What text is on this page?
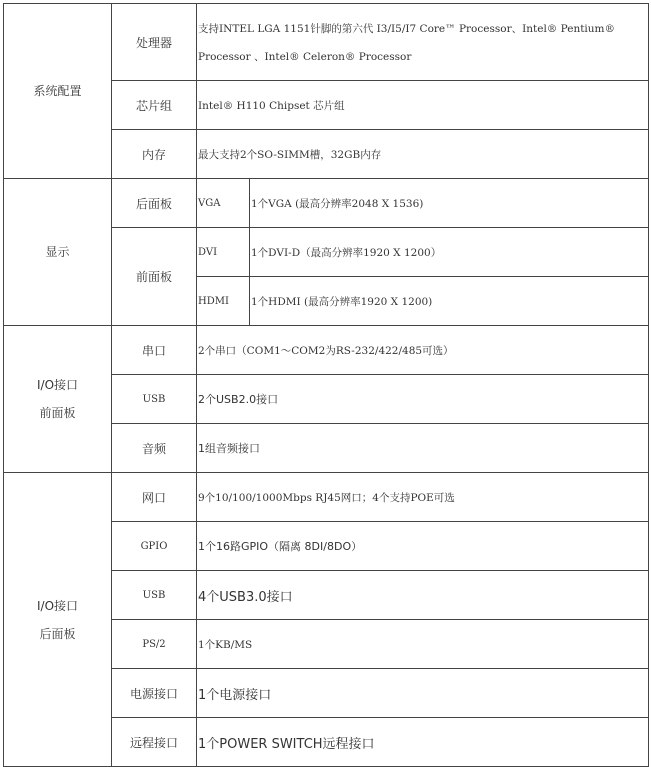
系统配置	处理器	支持INTEL LGA 1151针脚的第六代 I3/I5/I7 Core™ Processor、Intel® Pentium® Processor 、Intel® Celeron® Processor	
	芯片组	Intel® H110 Chipset 芯片组	
	内存	最大支持2个SO-SIMM槽，32GB内存	
显示	后面板	VGA	1个VGA (最高分辨率2048 X 1536)
	前面板	DVI	1个DVI-D（最高分辨率1920 X 1200）
		HDMI	1个HDMI (最高分辨率1920 X 1200)

I/O接口
前面板	串口	2个串口（COM1～COM2为RS-232/422/485可选）	
	USB	2个USB2.0接口	
	音频	1组音频接口	

I/O接口
后面板	网口	9个10/100/1000Mbps RJ45网口；4个支持POE可选	
	GPIO	1个16路GPIO（隔离 8DI/8DO）	
	USB	4个USB3.0接口	
	PS/2	1个KB/MS	
	电源接口	1个电源接口	
	远程接口	1个POWER SWITCH远程接口	
